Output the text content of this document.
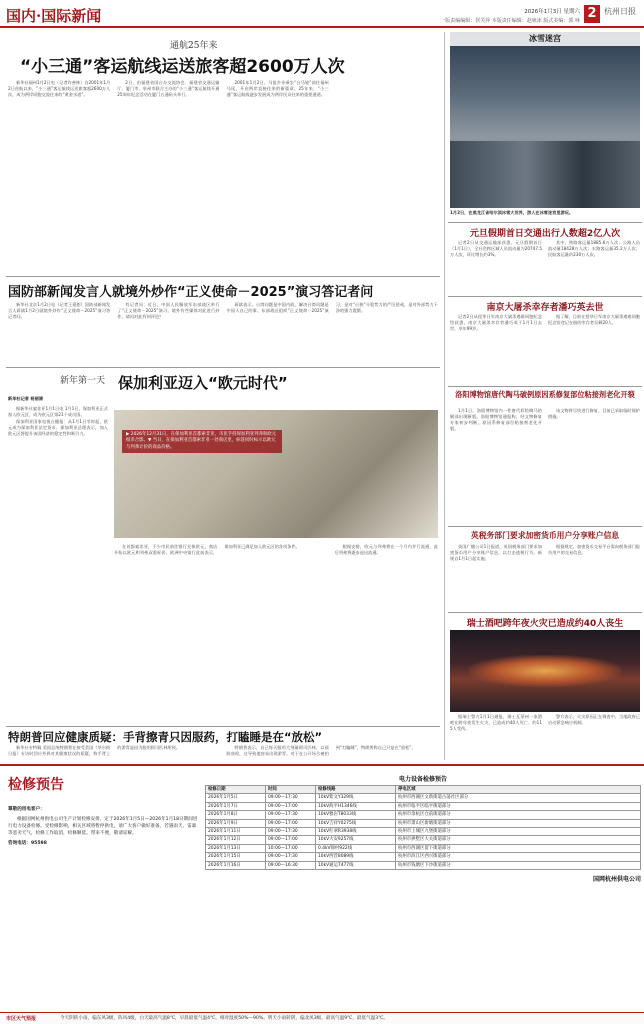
国内·国际新闻	2026年1月3日 星期六
一版责编编辑：侯芙萍 本版责任编辑：赵咏冰 版式美编：郭 咏 2 杭州日报
通航25年来
“小三通”客运航线运送旅客超2600万人次

新华社福州1月2日电（记者许善林）自2001年1月2日首航以来，“小三通”客运航线运送旅客超2600万人次，成为两岸同胞交流往来的“黄金水道”。

2日，由福建省国台办交流协会、福建省交通运输厅、厦门市、泉州市联合主办的“小三通”客运航线开通25周年纪念活动在厦门五通码头举行。

2001年1月2日，马祖乡亲乘坐“台马轮”前往福州马尾，开启两岸直接往来的新篇章。25年来，“小三通”客运航线逐步发展成为两岸民众往来的重要通道。

国防部新闻发言人就境外炒作“正义使命－2025”演习答记者问

新华社北京1月2日电（记者王嘉恕）国防部新闻发言人蒋斌1月2日就境外炒作“正义使命－2025”演习答记者问。

有记者问：近日，中国人民解放军东部战区举行了“正义使命－2025”演习，境外有些媒体对此进行炒作，请问对此有何评论？

蒋斌表示，台湾问题是中国内政，解决台湾问题是中国人自己的事。东部战区组织“正义使命－2025”演习，是对“台独”分裂势力的严厉惩戒，是对外部势力干涉的强力震慑。

新年第一天 保加利亚迈入“欧元时代”
新华社记者 杨丽清
▶ 2026年12月31日，在保加利亚首都索非亚，市民手持保加利亚列弗和欧元纸币合影。▼ 当日，在保加利亚首都索非亚一处商店里，标签同时标示以欧元与列弗计价的商品价格。

据新华社索非亚1月1日电 1月1日，保加利亚正式加入欧元区，成为欧元区第21个成员国。

保加利亚国家电视台播报：从1月1日零时起，欧元成为保加利亚法定货币。保加利亚总理表示，加入欧元区将提升该国经济的稳定性和吸引力。

在首都索非亚，不少市民前往银行兑换欧元，商店开始以欧元和列弗双重标价。欧洲中央银行此前表示，保加利亚已满足加入欧元区的各项条件。	根据安排，欧元与列弗将在一个月内并行流通，此后列弗将逐步退出流通。

特朗普回应健康质疑：手背擦青只因服药，打瞌睡是在“放松”

新华社专特稿 美国总统特朗普在接受美国《华尔街日报》专访时回应外界对其健康状况的质疑，称手背上的淤青是因为服用阿司匹林所致。	特朗普表示，自己每天服用大剂量阿司匹林，以预防血栓，这导致他容易出现淤青。对于在公开场合被拍到“打瞌睡”，特朗普称自己只是在“放松”。

冰雪迷宫
1月2日，在黑龙江省哈尔滨冰雪大世界，游人在冰雪迷宫里游玩。
元旦假期首日交通出行人数超2亿人次

记者2日从交通运输部获悉，元旦假期首日（1月1日），全社会跨区域人员流动量为20747.5万人次，环比增长约3%。

其中，铁路客运量1885.6万人次；公路人员流动量18428万人次；水路客运量35.2万人次；民航客运量约230万人次。

南京大屠杀幸存者潘巧英去世

记者2日从侵华日军南京大屠杀遇难同胞纪念馆获悉，南京大屠杀幸存者潘巧英于1月1日去世，享年99岁。

据了解，目前在侵华日军南京大屠杀遇难同胞纪念馆登记在册的幸存者仅剩20人。

洛阳博物馆唐代陶马破例原因系修复部位粘接剂老化开裂

1月1日，洛阳博物馆内一件唐代彩绘陶马的腿部出现断裂。洛阳博物馆通报称，经文物修复专家初步判断，原因系修复部位粘接剂老化开裂。

该文物将尽快进行修复，目前已采取临时保护措施。

英税务部门要求加密货币用户分享账户信息

英国广播公司1日报道，英国税务部门要求加密货币用户分享账户信息，以打击逃税行为。新规自1月1日起实施。

根据规定，加密货币交易平台需向税务部门报告用户的交易信息。

瑞士酒吧跨年夜火灾已造成约40人丧生

据瑞士警方1月1日通报，瑞士瓦莱州一家酒吧在跨年夜发生火灾，已造成约40人死亡、约115人受伤。

警方表示，火灾原因正在调查中。当地政府已启动紧急响应机制。

检修预告
尊敬的用电客户：
根据国网杭州供电公司生产计划检修安排，定于2026年1月5日—2026年1月18日期间进行电力设备检修。受检修影响，相关区域将暂停供电，请广大客户做好准备。若遇雨天、雷暴等恶劣天气，检修工作取消，检修顺延。带来不便，敬请谅解。
咨询电话：95598
电力设备检修预告
检修日期	时间	检修线路	停电区域
2026年1月5日	09:00—17:30	10kV紫文Y329线	杭州市西湖区文新街道古荡社区部分
2026年1月7日	09:00—17:00	10kV海平H1346线	杭州市临平区临平街道部分
2026年1月8日	09:00—17:30	10kV雅岩T8033线	杭州市余杭区仓前街道部分
2026年1月9日	09:00—17:00	10kV吉祥Y0275线	杭州市萧山区新塘街道部分
2026年1月11日	09:00—17:30	10kV红翠R3938线	杭州市上城区九堡街道部分
2026年1月12日	09:00—17:00	10kV大安9257线	杭州市拱墅区大关街道部分
2026年1月13日	10:00—17:00	0.4kV锦村922线	杭州市西湖区留下街道部分
2026年1月15日	09:00—17:30	10kV西营8089线	杭州市滨江区西兴街道部分
2026年1月16日	09:00—16:30	10kV通运7477线	杭州市钱塘区下沙街道部分
国网杭州供电公司
市区天气预报	今天阴转小雨，偏东风3级，阵风4级，白天最高气温8℃，早晨最低气温4℃。相对湿度50%—90%。明天小雨转阴，偏北风3级，最高气温9℃，最低气温3℃。
